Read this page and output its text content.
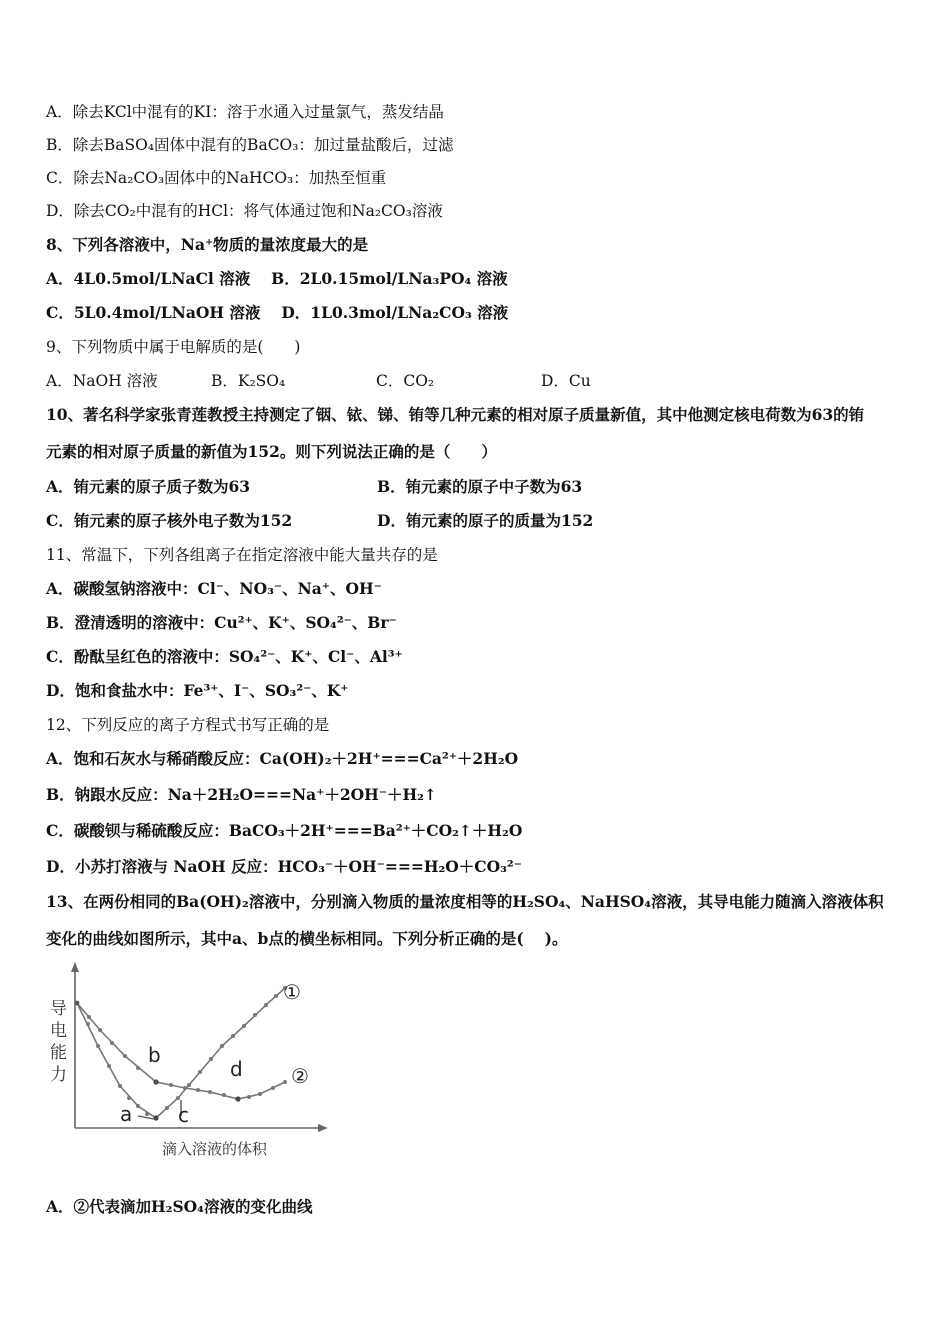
A．除去KCl中混有的KI：溶于水通入过量氯气，蒸发结晶
B．除去BaSO₄固体中混有的BaCO₃：加过量盐酸后，过滤
C．除去Na₂CO₃固体中的NaHCO₃：加热至恒重
D．除去CO₂中混有的HCl：将气体通过饱和Na₂CO₃溶液
8、下列各溶液中，Na⁺物质的量浓度最大的是
A．4L0.5mol/LNaCl 溶液　 B．2L0.15mol/LNa₃PO₄ 溶液
C．5L0.4mol/LNaOH 溶液　 D．1L0.3mol/LNa₂CO₃ 溶液
9、下列物质中属于电解质的是(　　)
A．NaOH 溶液	B．K₂SO₄	C．CO₂	D．Cu
10、著名科学家张青莲教授主持测定了铟、铱、锑、铕等几种元素的相对原子质量新值，其中他测定核电荷数为63的铕
元素的相对原子质量的新值为152。则下列说法正确的是（　　）
A．铕元素的原子质子数为63	B．铕元素的原子中子数为63
C．铕元素的原子核外电子数为152	D．铕元素的原子的质量为152
11、常温下，下列各组离子在指定溶液中能大量共存的是
A．碳酸氢钠溶液中：Cl⁻、NO₃⁻、Na⁺、OH⁻
B．澄清透明的溶液中：Cu²⁺、K⁺、SO₄²⁻、Br⁻
C．酚酞呈红色的溶液中：SO₄²⁻、K⁺、Cl⁻、Al³⁺
D．饱和食盐水中：Fe³⁺、I⁻、SO₃²⁻、K⁺
12、下列反应的离子方程式书写正确的是
A．饱和石灰水与稀硝酸反应：Ca(OH)₂＋2H⁺===Ca²⁺＋2H₂O
B．钠跟水反应：Na＋2H₂O===Na⁺＋2OH⁻＋H₂↑
C．碳酸钡与稀硫酸反应：BaCO₃＋2H⁺===Ba²⁺＋CO₂↑＋H₂O
D．小苏打溶液与 NaOH 反应：HCO₃⁻＋OH⁻===H₂O＋CO₃²⁻
13、在两份相同的Ba(OH)₂溶液中，分别滴入物质的量浓度相等的H₂SO₄、NaHSO₄溶液，其导电能力随滴入溶液体积
变化的曲线如图所示，其中a、b点的横坐标相同。下列分析正确的是(　 )。
导
电
能
力
滴入溶液的体积
a
b
c
d
①
②
A．②代表滴加H₂SO₄溶液的变化曲线
